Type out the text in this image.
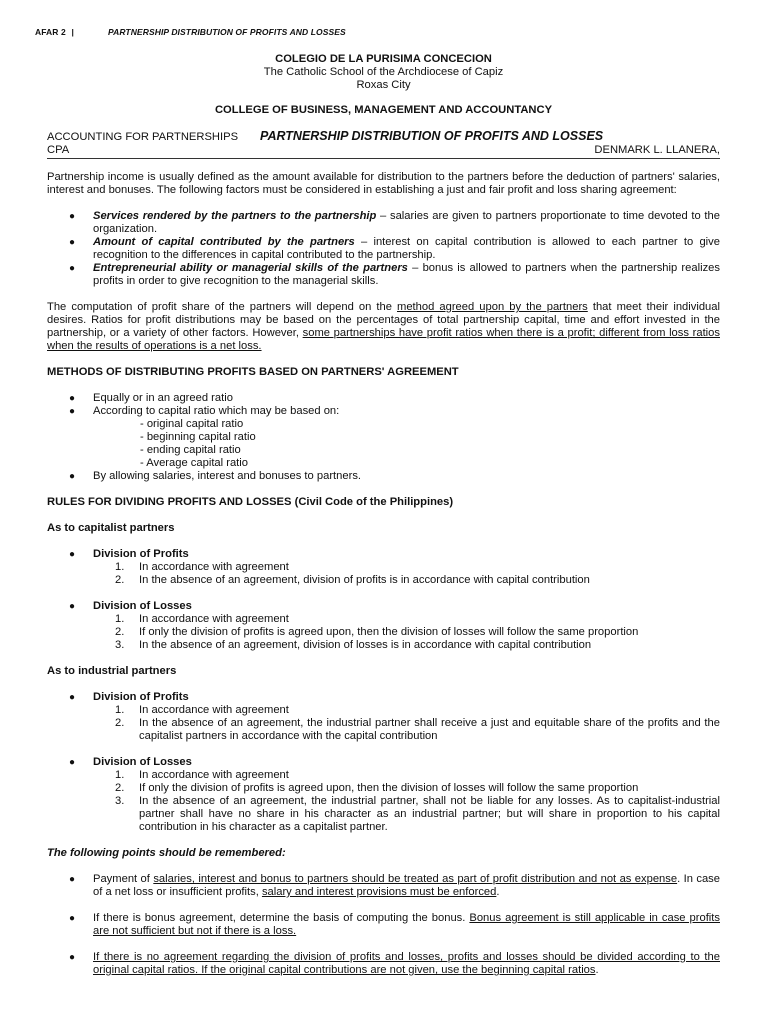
AFAR 2 |	PARTNERSHIP DISTRIBUTION OF PROFITS AND LOSSES
COLEGIO DE LA PURISIMA CONCECION
The Catholic School of the Archdiocese of Capiz
Roxas City
COLLEGE OF BUSINESS, MANAGEMENT AND ACCOUNTANCY
ACCOUNTING FOR PARTNERSHIPS PARTNERSHIP DISTRIBUTION OF PROFITS AND LOSSES
DENMARK L. LLANERA,
CPA

Partnership income is usually defined as the amount available for distribution to the partners before the deduction of partners' salaries, interest and bonuses. The following factors must be considered in establishing a just and fair profit and loss sharing agreement:

● Services rendered by the partners to the partnership – salaries are given to partners proportionate to time devoted to the organization.
● Amount of capital contributed by the partners – interest on capital contribution is allowed to each partner to give recognition to the differences in capital contributed to the partnership.
● Entrepreneurial ability or managerial skills of the partners – bonus is allowed to partners when the partnership realizes profits in order to give recognition to the managerial skills.

The computation of profit share of the partners will depend on the method agreed upon by the partners that meet their individual desires. Ratios for profit distributions may be based on the percentages of total partnership capital, time and effort invested in the partnership, or a variety of other factors. However, some partnerships have profit ratios when there is a profit; different from loss ratios when the results of operations is a net loss.

METHODS OF DISTRIBUTING PROFITS BASED ON PARTNERS' AGREEMENT
● Equally or in an agreed ratio
● According to capital ratio which may be based on:
- original capital ratio
- beginning capital ratio
- ending capital ratio
- Average capital ratio
● By allowing salaries, interest and bonuses to partners.
RULES FOR DIVIDING PROFITS AND LOSSES (Civil Code of the Philippines)
As to capitalist partners
● Division of Profits
1. In accordance with agreement
2. In the absence of an agreement, division of profits is in accordance with capital contribution
● Division of Losses
1. In accordance with agreement
2. If only the division of profits is agreed upon, then the division of losses will follow the same proportion
3. In the absence of an agreement, division of losses is in accordance with capital contribution
As to industrial partners
● Division of Profits
1. In accordance with agreement
2. In the absence of an agreement, the industrial partner shall receive a just and equitable share of the profits and the capitalist partners in accordance with the capital contribution
● Division of Losses
1. In accordance with agreement
2. If only the division of profits is agreed upon, then the division of losses will follow the same proportion
3. In the absence of an agreement, the industrial partner, shall not be liable for any losses. As to capitalist-industrial partner shall have no share in his character as an industrial partner; but will share in proportion to his capital contribution in his character as a capitalist partner.
The following points should be remembered:
● Payment of salaries, interest and bonus to partners should be treated as part of profit distribution and not as expense. In case of a net loss or insufficient profits, salary and interest provisions must be enforced.
● If there is bonus agreement, determine the basis of computing the bonus. Bonus agreement is still applicable in case profits are not sufficient but not if there is a loss.
● If there is no agreement regarding the division of profits and losses, profits and losses should be divided according to the original capital ratios. If the original capital contributions are not given, use the beginning capital ratios.
